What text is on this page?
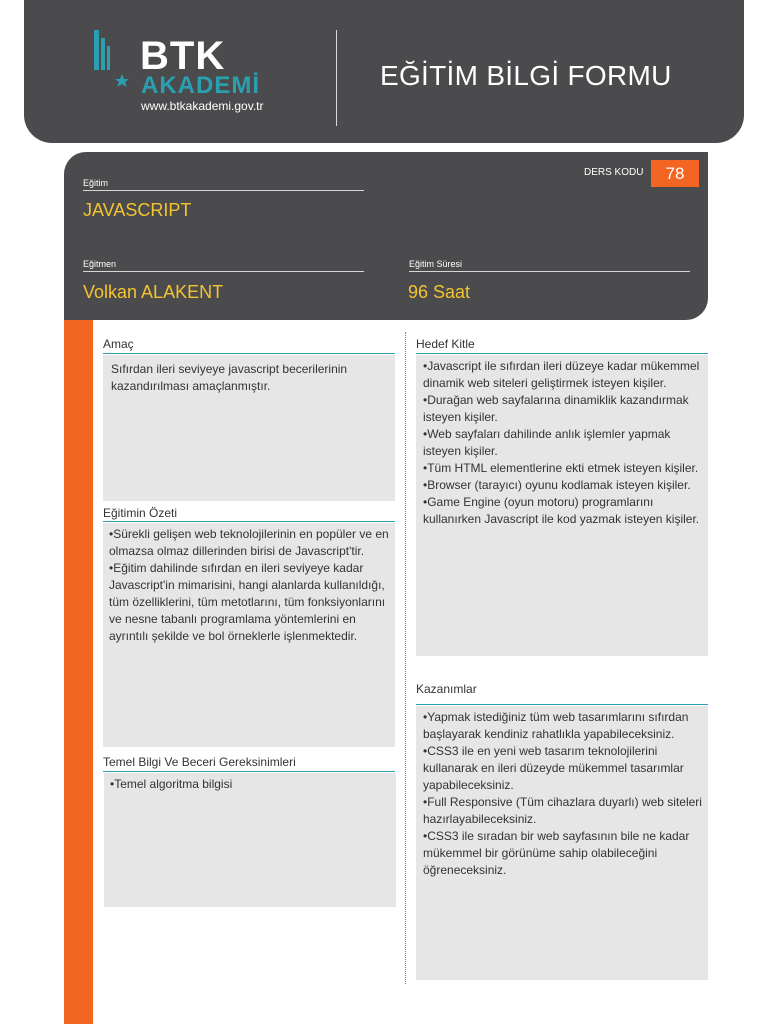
BTK
AKADEMİ
www.btkakademi.gov.tr
EĞİTİM BİLGİ FORMU
DERS KODU	78
Eğitim
JAVASCRIPT
Eğitmen
Volkan ALAKENT
Eğitim Süresi
96 Saat
Amaç
Sıfırdan ileri seviyeye javascript becerilerinin
kazandırılması amaçlanmıştır.
Eğitimin Özeti
•Sürekli gelişen web teknolojilerinin en popüler ve en
olmazsa olmaz dillerinden birisi de Javascript'tir.
•Eğitim dahilinde sıfırdan en ileri seviyeye kadar
Javascript'in mimarisini, hangi alanlarda kullanıldığı,
tüm özelliklerini, tüm metotlarını, tüm fonksiyonlarını
ve nesne tabanlı programlama yöntemlerini en
ayrıntılı şekilde ve bol örneklerle işlenmektedir.
Temel Bilgi Ve Beceri Gereksinimleri
•Temel algoritma bilgisi
Hedef Kitle
•Javascript ile sıfırdan ileri düzeye kadar mükemmel
dinamik web siteleri geliştirmek isteyen kişiler.
•Durağan web sayfalarına dinamiklik kazandırmak
isteyen kişiler.
•Web sayfaları dahilinde anlık işlemler yapmak
isteyen kişiler.
•Tüm HTML elementlerine ekti etmek isteyen kişiler.
•Browser (tarayıcı) oyunu kodlamak isteyen kişiler.
•Game Engine (oyun motoru) programlarını
kullanırken Javascript ile kod yazmak isteyen kişiler.
Kazanımlar
•Yapmak istediğiniz tüm web tasarımlarını sıfırdan
başlayarak kendiniz rahatlıkla yapabileceksiniz.
•CSS3 ile en yeni web tasarım teknolojilerini
kullanarak en ileri düzeyde mükemmel tasarımlar
yapabileceksiniz.
•Full Responsive (Tüm cihazlara duyarlı) web siteleri
hazırlayabileceksiniz.
•CSS3 ile sıradan bir web sayfasının bile ne kadar
mükemmel bir görünüme sahip olabileceğini
öğreneceksiniz.
